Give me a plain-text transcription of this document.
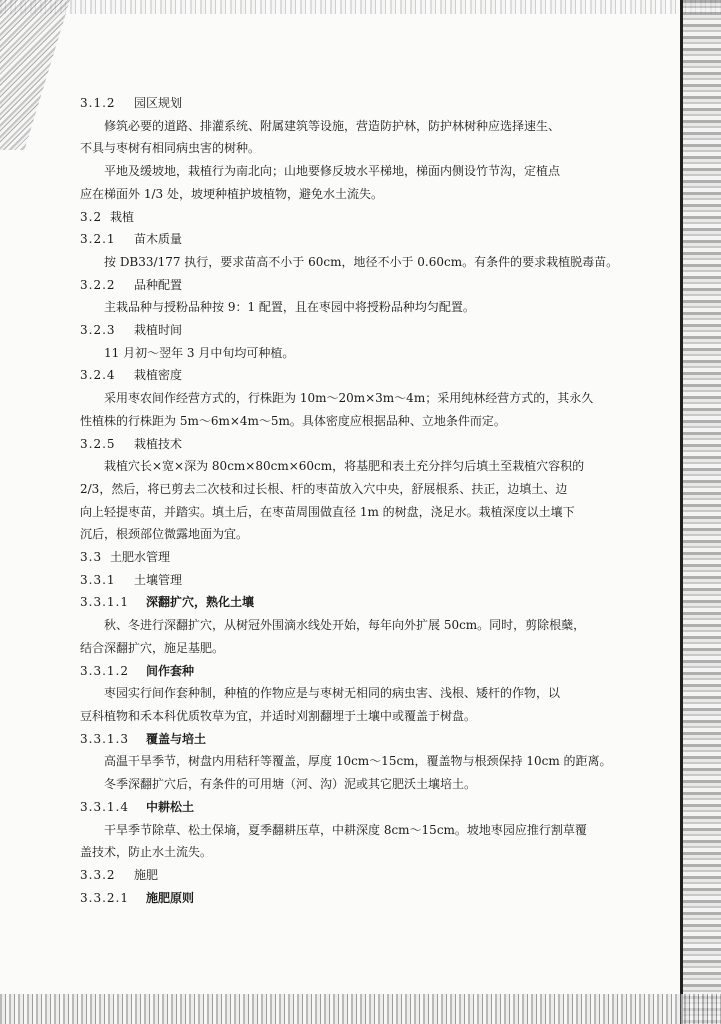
3.1.2 园区规划
修筑必要的道路、排灌系统、附属建筑等设施，营造防护林，防护林树种应选择速生、
不具与枣树有相同病虫害的树种。
平地及缓坡地，栽植行为南北向；山地要修反坡水平梯地，梯面内侧设竹节沟，定植点
应在梯面外 1/3 处，坡埂种植护坡植物，避免水土流失。
3.2 栽植
3.2.1 苗木质量
按 DB33/177 执行，要求苗高不小于 60cm，地径不小于 0.60cm。有条件的要求栽植脱毒苗。
3.2.2 品种配置
主栽品种与授粉品种按 9：1 配置，且在枣园中将授粉品种均匀配置。
3.2.3 栽植时间
11 月初～翌年 3 月中旬均可种植。
3.2.4 栽植密度
采用枣农间作经营方式的，行株距为 10m～20m×3m～4m；采用纯林经营方式的，其永久
性植株的行株距为 5m～6m×4m～5m。具体密度应根据品种、立地条件而定。
3.2.5 栽植技术
栽植穴长×宽×深为 80cm×80cm×60cm，将基肥和表土充分拌匀后填土至栽植穴容积的
2/3，然后，将已剪去二次枝和过长根、杆的枣苗放入穴中央，舒展根系、扶正，边填土、边
向上轻提枣苗，并踏实。填土后，在枣苗周围做直径 1m 的树盘，浇足水。栽植深度以土壤下
沉后，根颈部位微露地面为宜。
3.3 土肥水管理
3.3.1 土壤管理
3.3.1.1 深翻扩穴，熟化土壤
秋、冬进行深翻扩穴，从树冠外围滴水线处开始，每年向外扩展 50cm。同时，剪除根蘖，
结合深翻扩穴，施足基肥。
3.3.1.2 间作套种
枣园实行间作套种制，种植的作物应是与枣树无相同的病虫害、浅根、矮杆的作物，以
豆科植物和禾本科优质牧草为宜，并适时刈割翻埋于土壤中或覆盖于树盘。
3.3.1.3 覆盖与培土
高温干旱季节，树盘内用秸秆等覆盖，厚度 10cm～15cm，覆盖物与根颈保持 10cm 的距离。
冬季深翻扩穴后，有条件的可用塘（河、沟）泥或其它肥沃土壤培土。
3.3.1.4 中耕松土
干旱季节除草、松土保墒，夏季翻耕压草，中耕深度 8cm～15cm。坡地枣园应推行割草覆
盖技术，防止水土流失。
3.3.2 施肥
3.3.2.1 施肥原则
